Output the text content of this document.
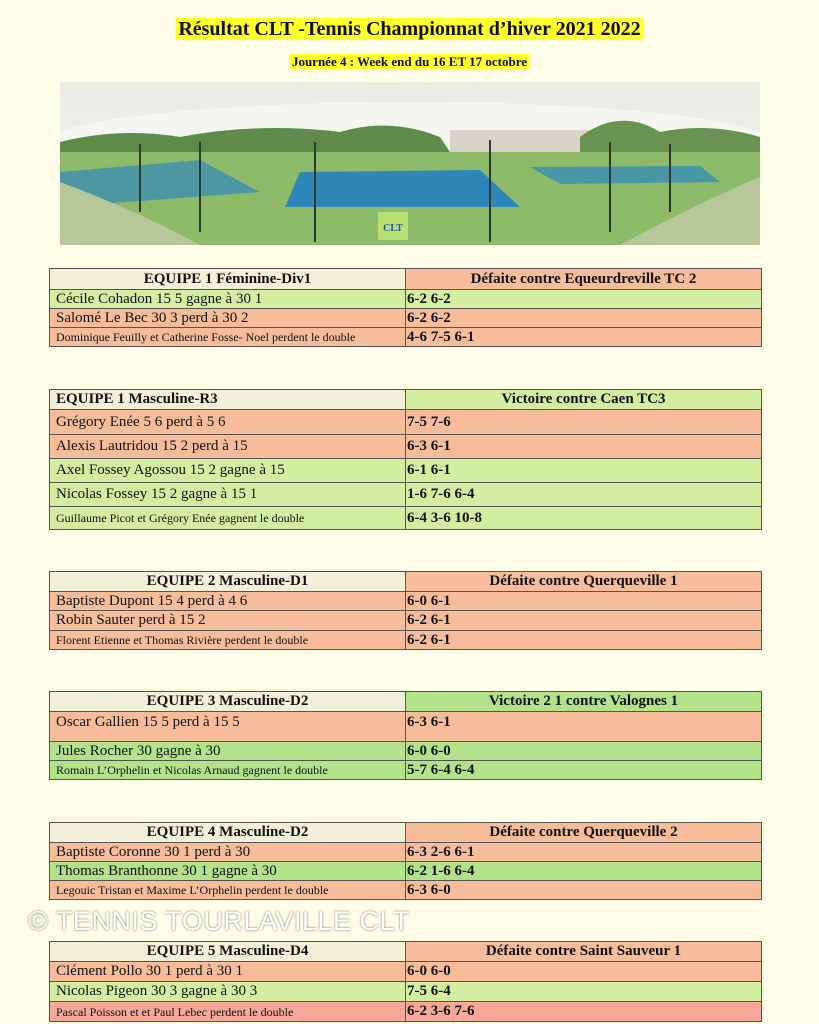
Résultat CLT -Tennis Championnat d’hiver 2021 2022
Journée 4 : Week end du 16 ET 17 octobre
CLT
EQUIPE 1 Féminine-Div1	Défaite contre Equeurdreville TC 2
Cécile Cohadon 15 5 gagne à 30 1	6-2 6-2
Salomé Le Bec 30 3 perd à 30 2	6-2 6-2
Dominique Feuilly et Catherine Fosse- Noel perdent le double	4-6 7-5 6-1
EQUIPE 1 Masculine-R3	Victoire contre Caen TC3
Grégory Enée 5 6 perd à 5 6	7-5 7-6
Alexis Lautridou 15 2 perd à 15	6-3 6-1
Axel Fossey Agossou 15 2 gagne à 15	6-1 6-1
Nicolas Fossey 15 2 gagne à 15 1	1-6 7-6 6-4
Guillaume Picot et Grégory Enée gagnent le double	6-4 3-6 10-8
EQUIPE 2 Masculine-D1	Défaite contre Querqueville 1
Baptiste Dupont 15 4 perd à 4 6	6-0 6-1
Robin Sauter perd à 15 2	6-2 6-1
Florent Etienne et Thomas Rivière perdent le double	6-2 6-1
EQUIPE 3 Masculine-D2	Victoire 2 1 contre Valognes 1
Oscar Gallien 15 5 perd à 15 5	6-3 6-1
Jules Rocher 30 gagne à 30	6-0 6-0
Romain L’Orphelin et Nicolas Arnaud gagnent le double	5-7 6-4 6-4
EQUIPE 4 Masculine-D2	Défaite contre Querqueville 2
Baptiste Coronne 30 1 perd à 30	6-3 2-6 6-1
Thomas Branthonne 30 1 gagne à 30	6-2 1-6 6-4
Legouic Tristan et Maxime L’Orphelin perdent le double	6-3 6-0
EQUIPE 5 Masculine-D4	Défaite contre Saint Sauveur 1
Clément Pollo 30 1 perd à 30 1	6-0 6-0
Nicolas Pigeon 30 3 gagne à 30 3	7-5 6-4
Pascal Poisson et et Paul Lebec perdent le double	6-2 3-6 7-6
© TENNIS TOURLAVILLE CLT
